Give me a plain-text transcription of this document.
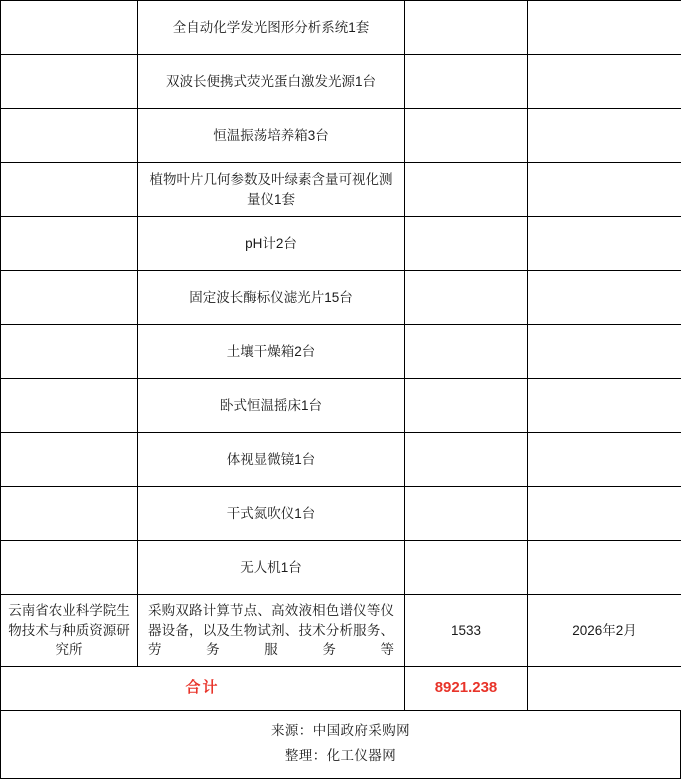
	全自动化学发光图形分析系统1套		
	双波长便携式荧光蛋白激发光源1台		
	恒温振荡培养箱3台		
	植物叶片几何参数及叶绿素含量可视化测量仪1套		
	pH计2台		
	固定波长酶标仪滤光片15台		
	土壤干燥箱2台		
	卧式恒温摇床1台		
	体视显微镜1台		
	干式氮吹仪1台		
	无人机1台		
云南省农业科学院生物技术与种质资源研究所	采购双路计算节点、高效液相色谱仪等仪器设备，以及生物试剂、技术分析服务、劳务服务等	1533	2026年2月
合计		8921.238	
来源：中国政府采购网
整理：化工仪器网
